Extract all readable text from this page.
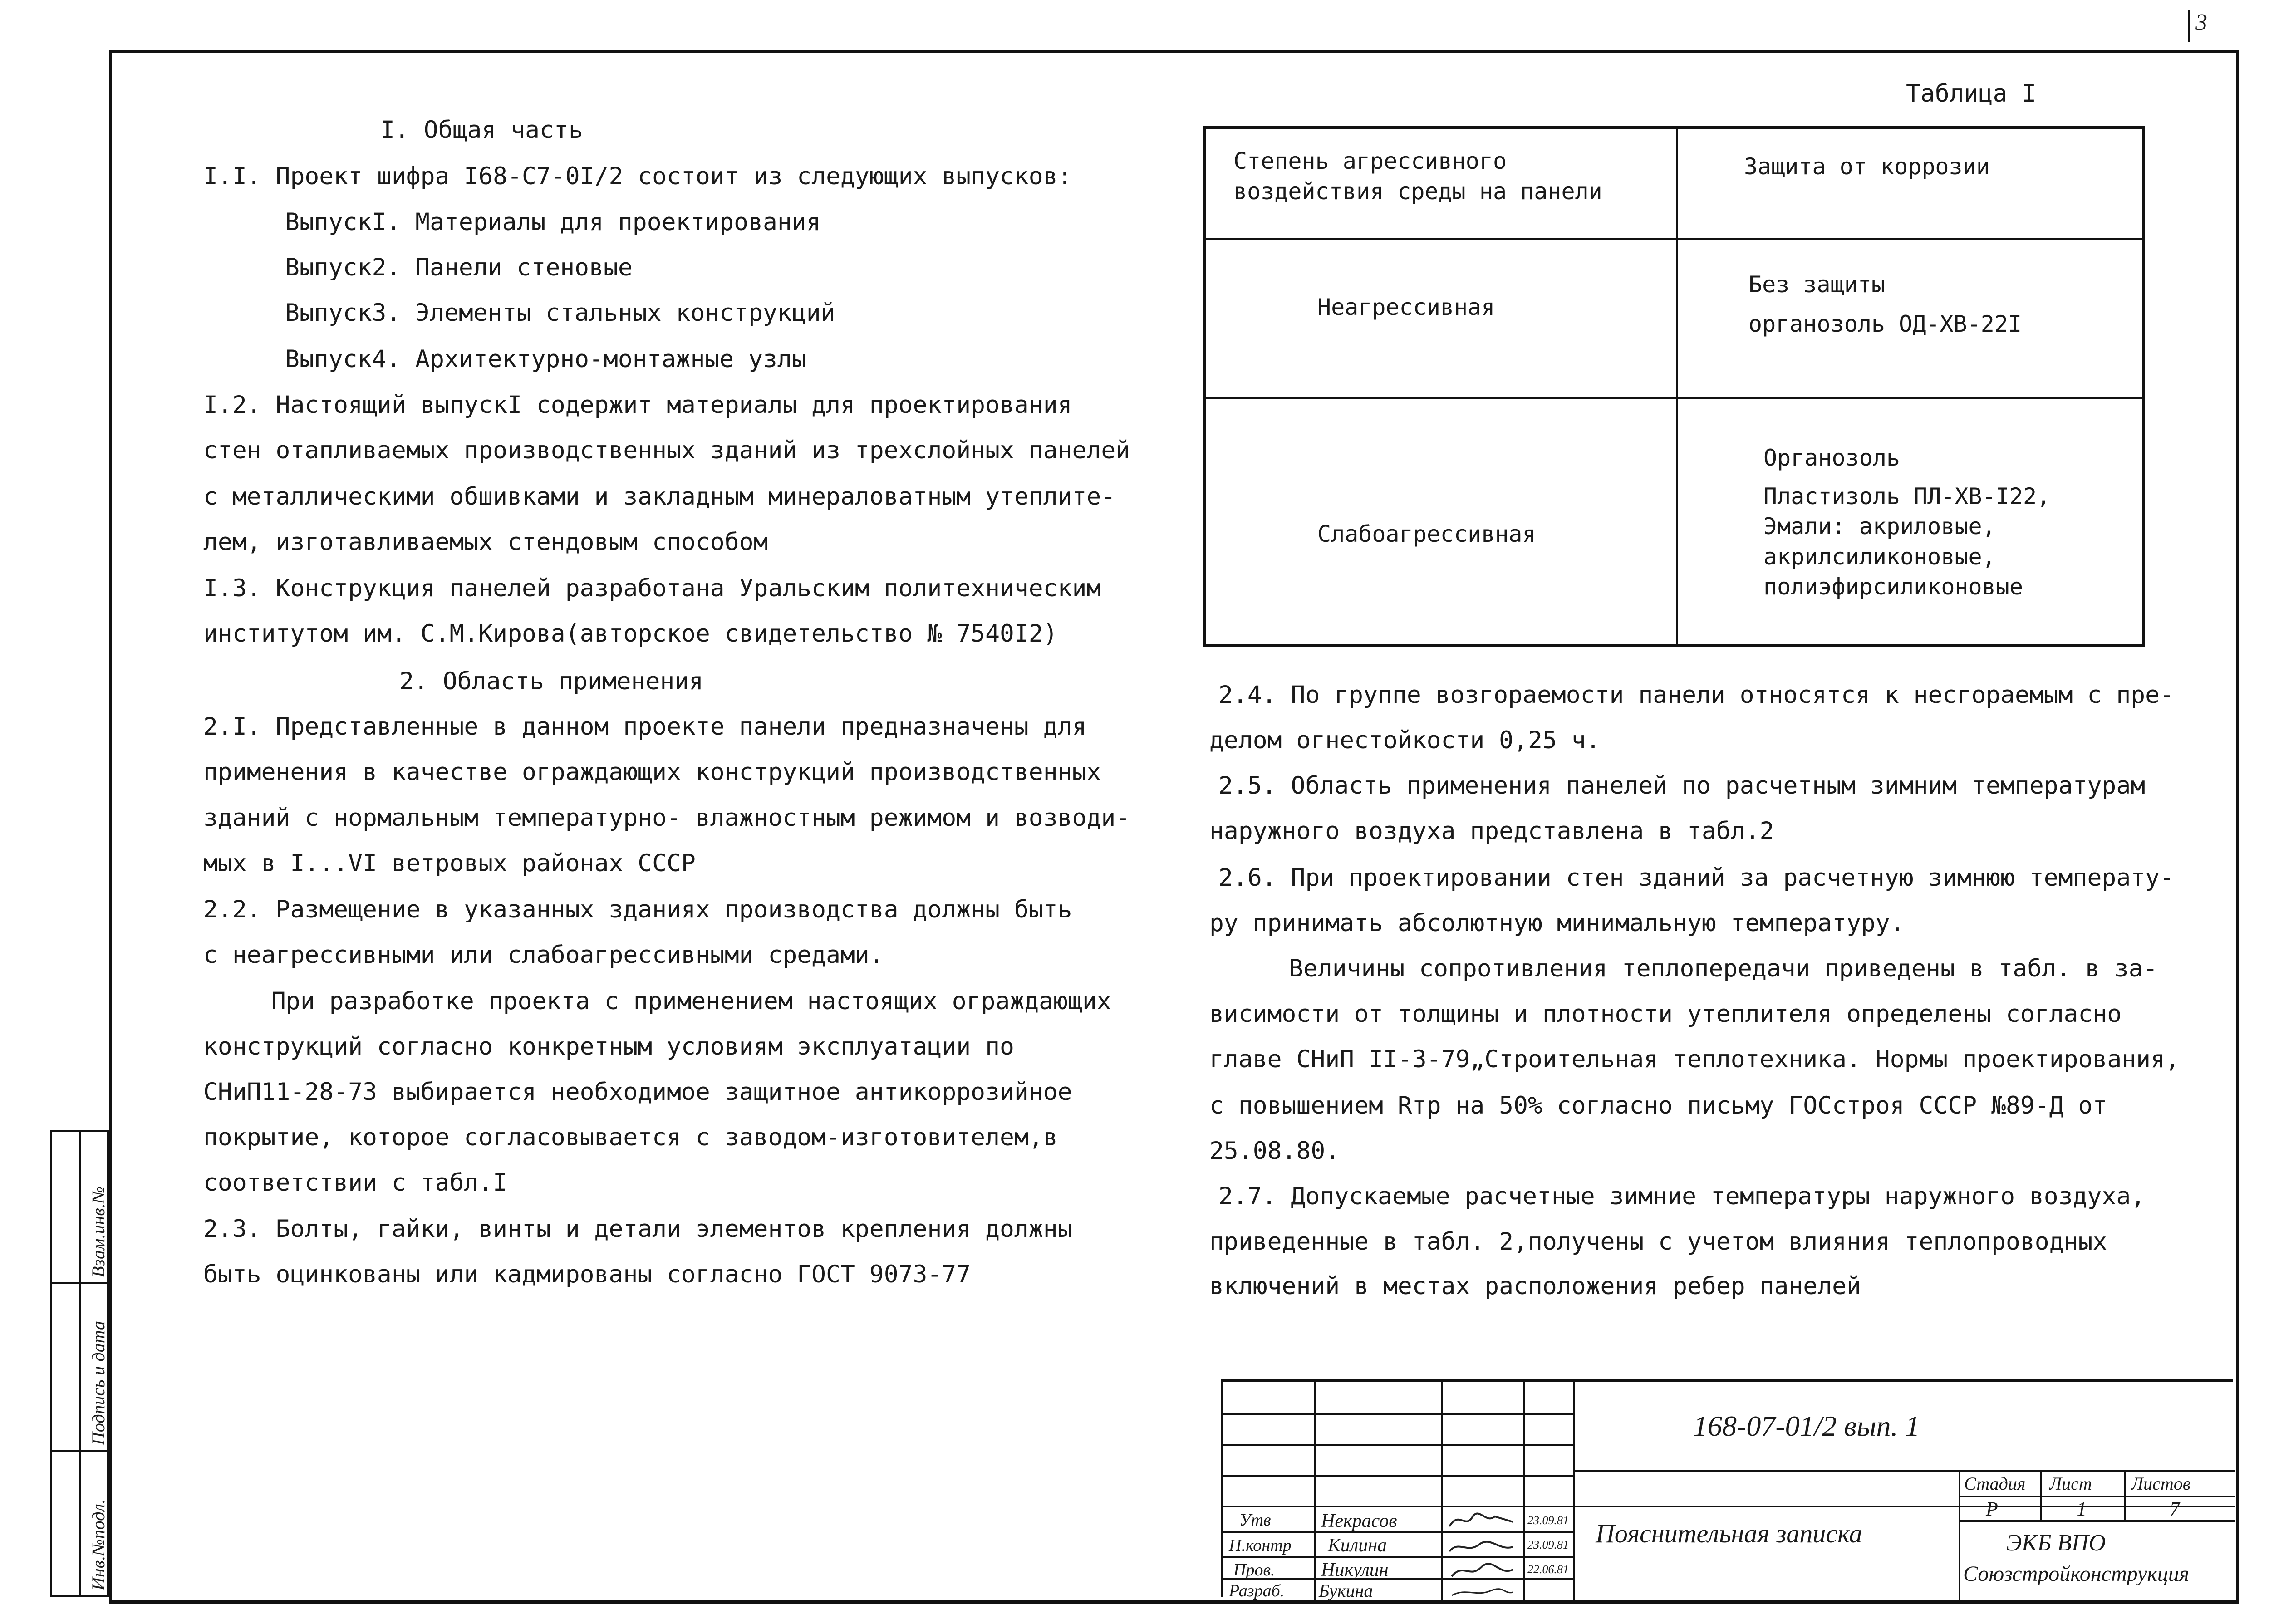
3
I. Общая часть
I.I. Проект шифра I68-С7-0I/2 состоит из следующих выпусков:
ВыпускI. Материалы для проектирования
Выпуск2. Панели стеновые
Выпуск3. Элементы стальных конструкций
Выпуск4. Архитектурно-монтажные узлы
I.2. Настоящий выпускI содержит материалы для проектирования
стен отапливаемых производственных зданий из трехслойных панелей
с металлическими обшивками и закладным минераловатным утеплите-
лем, изготавливаемых стендовым способом
I.3. Конструкция панелей разработана Уральским политехническим
институтом им. С.М.Кирова(авторское свидетельство № 7540I2)
2. Область применения
2.I. Представленные в данном проекте панели предназначены для
применения в качестве ограждающих конструкций производственных
зданий с нормальным температурно- влажностным режимом и возводи-
мых в I...VI ветровых районах СССР
2.2. Размещение в указанных зданиях производства должны быть
с неагрессивными или слабоагрессивными средами.
При разработке проекта с применением настоящих ограждающих
конструкций согласно конкретным условиям эксплуатации по
СНиП11-28-73 выбирается необходимое защитное антикоррозийное
покрытие, которое согласовывается с заводом-изготовителем,в
соответствии с табл.I
2.3. Болты, гайки, винты и детали элементов крепления должны
быть оцинкованы или кадмированы согласно ГОСТ 9073-77
Таблица I
Степень агрессивного
воздействия среды на панели
Защита от коррозии
Неагрессивная
Без защиты
органозоль ОД-ХВ-22I
Слабоагрессивная
Органозоль
Пластизоль ПЛ-ХВ-I22,
Эмали: акриловые,
акрилсиликоновые,
полиэфирсиликоновые
2.4. По группе возгораемости панели относятся к несгораемым с пре-
делом огнестойкости 0,25 ч.
2.5. Область применения панелей по расчетным зимним температурам
наружного воздуха представлена в табл.2
2.6. При проектировании стен зданий за расчетную зимнюю температу-
ру принимать абсолютную минимальную температуру.
Величины сопротивления теплопередачи приведены в табл. в за-
висимости от толщины и плотности утеплителя определены согласно
главе СНиП II-3-79„Строительная теплотехника. Нормы проектирования,
с повышением Rтр на 50% согласно письму ГОСстроя СССР №89-Д от
25.08.80.
2.7. Допускаемые расчетные зимние температуры наружного воздуха,
приведенные в табл. 2,получены с учетом влияния теплопроводных
включений в местах расположения ребер панелей
Инв.№подл.
Подпись и дата
Взам.инв.№
168-07-01/2 вып. 1
Пояснительная записка
Стадия Лист Листов
Р	1	7
ЭКБ ВПО
Союзстройконструкция
Утв
Н.контр
Пров.
Разраб.
Некрасов
Килина
Никулин
Букина
23.09.81
23.09.81
22.06.81
